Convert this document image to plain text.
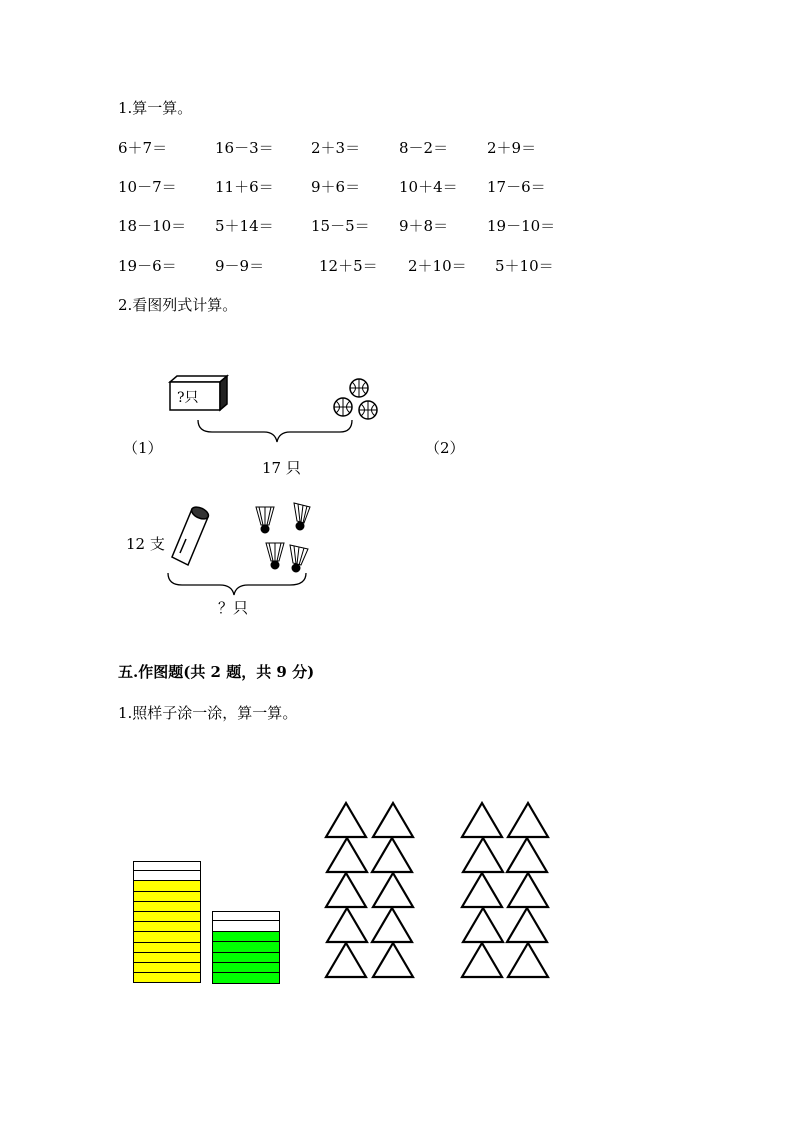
1.算一算。
6＋7＝	16－3＝ 2＋3＝	8－2＝	2＋9＝
10－7＝	11＋6＝ 9＋6＝	10＋4＝ 17－6＝
18－10＝ 5＋14＝ 15－5＝ 9＋8＝	19－10＝
19－6＝	9－9＝	12＋5＝ 2＋10＝ 5＋10＝
2.看图列式计算。
（1）
?只
17 只
（2）
12 支
？只
五.作图题(共 2 题，共 9 分)
1.照样子涂一涂，算一算。
